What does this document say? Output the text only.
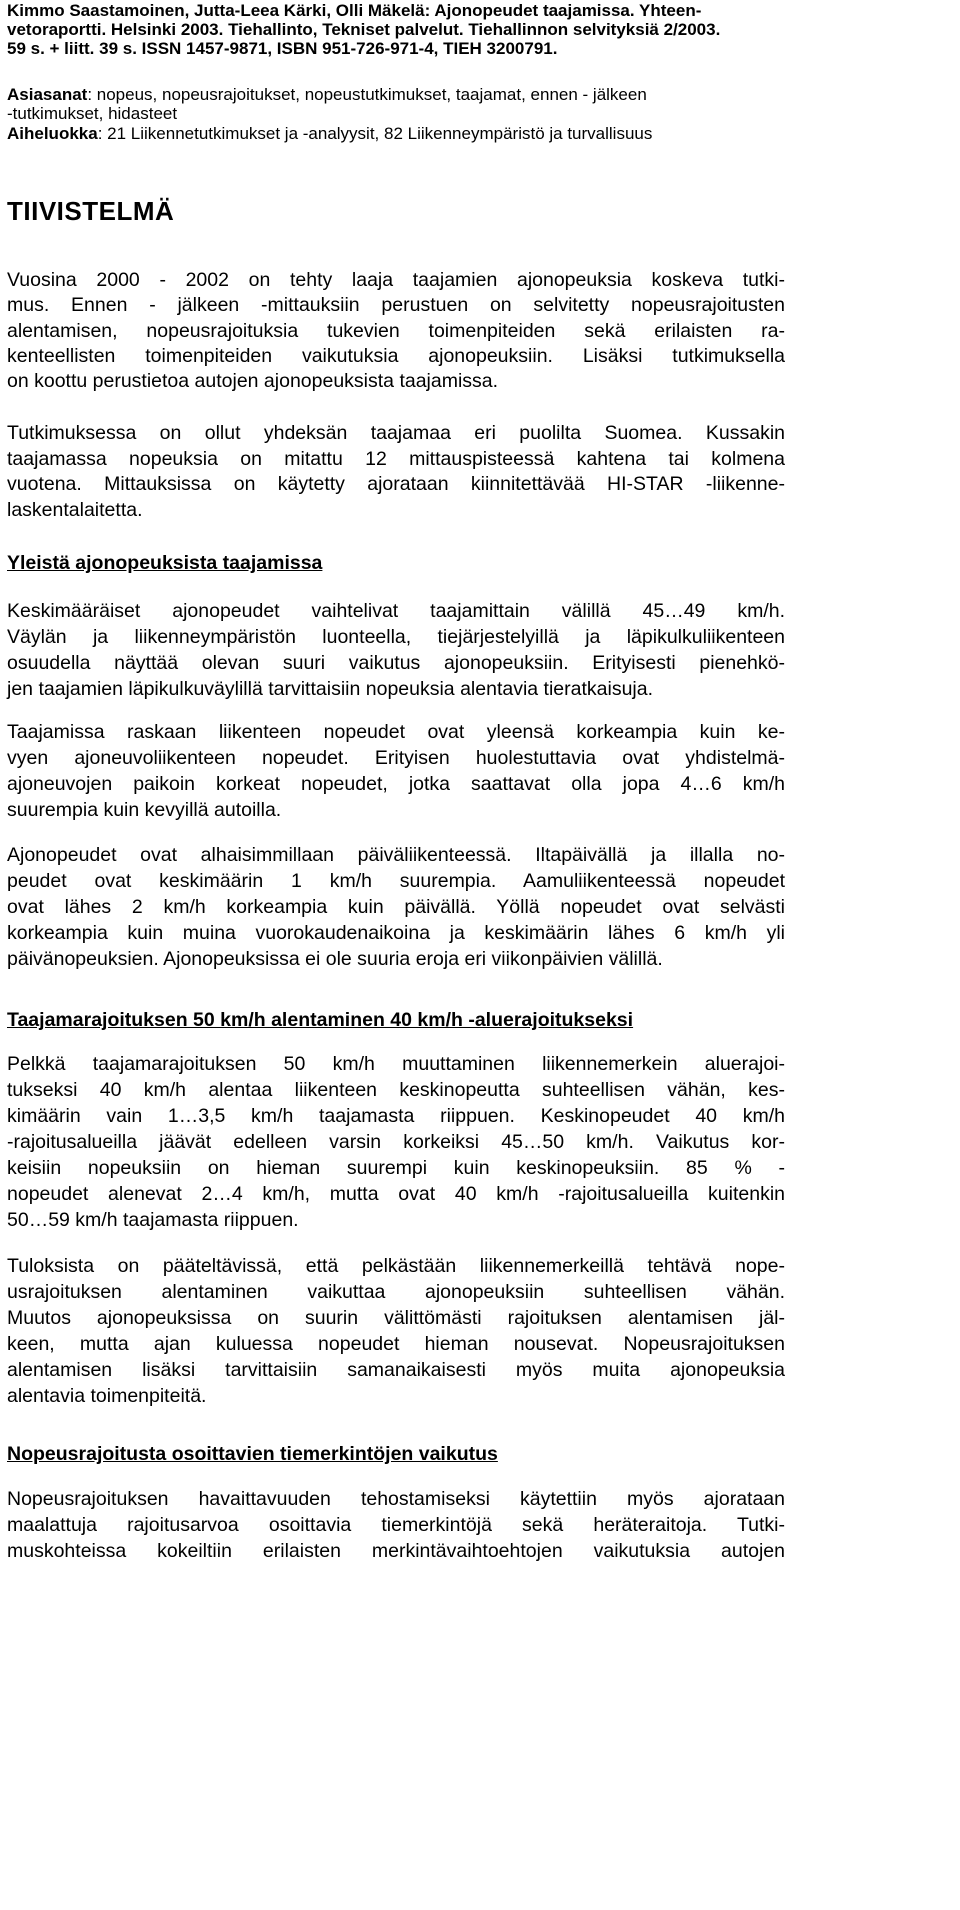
Kimmo Saastamoinen, Jutta-Leea Kärki, Olli Mäkelä: Ajonopeudet taajamissa. Yhteen-
vetoraportti. Helsinki 2003. Tiehallinto, Tekniset palvelut. Tiehallinnon selvityksiä 2/2003.
59 s. + liitt. 39 s. ISSN 1457-9871, ISBN 951-726-971-4, TIEH 3200791.
Asiasanat: nopeus, nopeusrajoitukset, nopeustutkimukset, taajamat, ennen - jälkeen
-tutkimukset, hidasteet
Aiheluokka: 21 Liikennetutkimukset ja -analyysit, 82 Liikenneympäristö ja turvallisuus
TIIVISTELMÄ
Vuosina 2000 - 2002 on tehty laaja taajamien ajonopeuksia koskeva tutki-
mus. Ennen - jälkeen -mittauksiin perustuen on selvitetty nopeusrajoitusten
alentamisen, nopeusrajoituksia tukevien toimenpiteiden sekä erilaisten ra-
kenteellisten toimenpiteiden vaikutuksia ajonopeuksiin. Lisäksi tutkimuksella
on koottu perustietoa autojen ajonopeuksista taajamissa.
Tutkimuksessa on ollut yhdeksän taajamaa eri puolilta Suomea. Kussakin
taajamassa nopeuksia on mitattu 12 mittauspisteessä kahtena tai kolmena
vuotena. Mittauksissa on käytetty ajorataan kiinnitettävää HI-STAR -liikenne-
laskentalaitetta.
Yleistä ajonopeuksista taajamissa
Keskimääräiset ajonopeudet vaihtelivat taajamittain välillä 45…49 km/h.
Väylän ja liikenneympäristön luonteella, tiejärjestelyillä ja läpikulkuliikenteen
osuudella näyttää olevan suuri vaikutus ajonopeuksiin. Erityisesti pienehkö-
jen taajamien läpikulkuväylillä tarvittaisiin nopeuksia alentavia tieratkaisuja.
Taajamissa raskaan liikenteen nopeudet ovat yleensä korkeampia kuin ke-
vyen ajoneuvoliikenteen nopeudet. Erityisen huolestuttavia ovat yhdistelmä-
ajoneuvojen paikoin korkeat nopeudet, jotka saattavat olla jopa 4…6 km/h
suurempia kuin kevyillä autoilla.
Ajonopeudet ovat alhaisimmillaan päiväliikenteessä. Iltapäivällä ja illalla no-
peudet ovat keskimäärin 1 km/h suurempia. Aamuliikenteessä nopeudet
ovat lähes 2 km/h korkeampia kuin päivällä. Yöllä nopeudet ovat selvästi
korkeampia kuin muina vuorokaudenaikoina ja keskimäärin lähes 6 km/h yli
päivänopeuksien. Ajonopeuksissa ei ole suuria eroja eri viikonpäivien välillä.
Taajamarajoituksen 50 km/h alentaminen 40 km/h -aluerajoitukseksi
Pelkkä taajamarajoituksen 50 km/h muuttaminen liikennemerkein aluerajoi-
tukseksi 40 km/h alentaa liikenteen keskinopeutta suhteellisen vähän, kes-
kimäärin vain 1…3,5 km/h taajamasta riippuen. Keskinopeudet 40 km/h
-rajoitusalueilla jäävät edelleen varsin korkeiksi 45…50 km/h. Vaikutus kor-
keisiin nopeuksiin on hieman suurempi kuin keskinopeuksiin. 85 % -
nopeudet alenevat 2…4 km/h, mutta ovat 40 km/h -rajoitusalueilla kuitenkin
50…59 km/h taajamasta riippuen.
Tuloksista on pääteltävissä, että pelkästään liikennemerkeillä tehtävä nope-
usrajoituksen alentaminen vaikuttaa ajonopeuksiin suhteellisen vähän.
Muutos ajonopeuksissa on suurin välittömästi rajoituksen alentamisen jäl-
keen, mutta ajan kuluessa nopeudet hieman nousevat. Nopeusrajoituksen
alentamisen lisäksi tarvittaisiin samanaikaisesti myös muita ajonopeuksia
alentavia toimenpiteitä.
Nopeusrajoitusta osoittavien tiemerkintöjen vaikutus
Nopeusrajoituksen havaittavuuden tehostamiseksi käytettiin myös ajorataan
maalattuja rajoitusarvoa osoittavia tiemerkintöjä sekä heräteraitoja. Tutki-
muskohteissa kokeiltiin erilaisten merkintävaihtoehtojen vaikutuksia autojen
